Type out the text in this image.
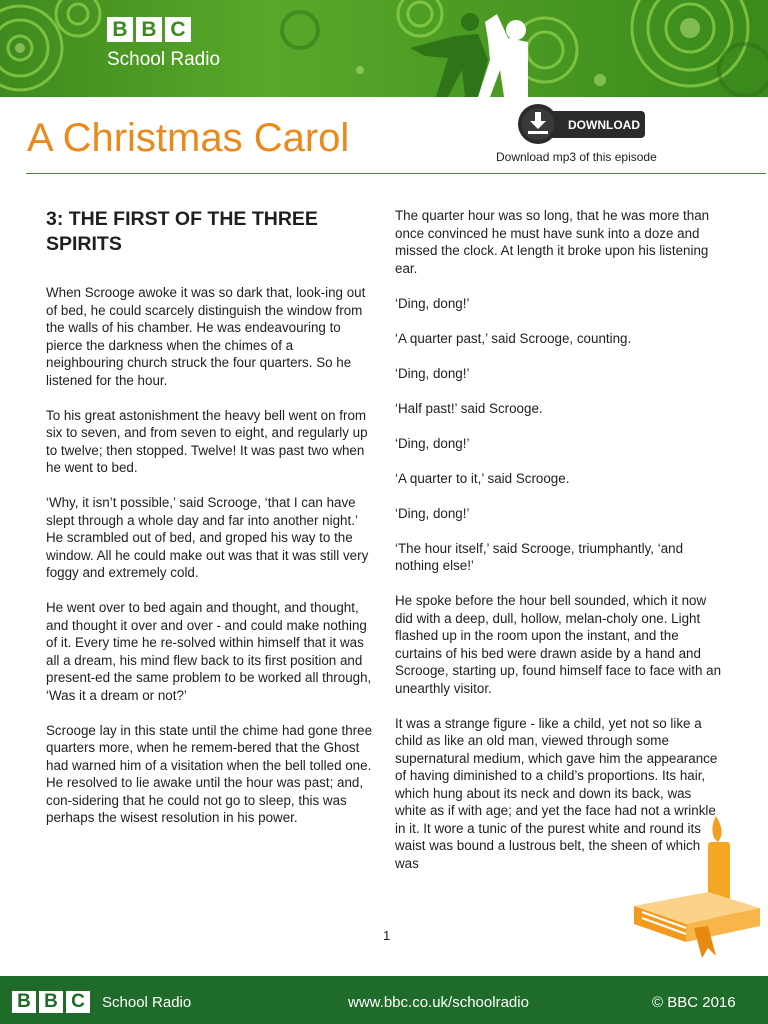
B B C
School Radio
A Christmas Carol	DOWNLOAD
Download mp3 of this episode
3: THE FIRST OF THE THREE SPIRITS

When Scrooge awoke it was so dark that, look-ing out of bed, he could scarcely distinguish the window from the walls of his chamber. He was endeavouring to pierce the darkness when the chimes of a neighbouring church struck the four quarters. So he listened for the hour.

To his great astonishment the heavy bell went on from six to seven, and from seven to eight, and regularly up to twelve; then stopped. Twelve! It was past two when he went to bed.

‘Why, it isn’t possible,’ said Scrooge, ‘that I can have slept through a whole day and far into another night.’ He scrambled out of bed, and groped his way to the window. All he could make out was that it was still very foggy and extremely cold.

He went over to bed again and thought, and thought, and thought it over and over - and could make nothing of it. Every time he re-solved within himself that it was all a dream, his mind flew back to its first position and present-ed the same problem to be worked all through, ‘Was it a dream or not?’

Scrooge lay in this state until the chime had gone three quarters more, when he remem-bered that the Ghost had warned him of a visitation when the bell tolled one. He resolved to lie awake until the hour was past; and, con-sidering that he could not go to sleep, this was perhaps the wisest resolution in his power.

The quarter hour was so long, that he was more than once convinced he must have sunk into a doze and missed the clock. At length it broke upon his listening ear.

‘Ding, dong!’

‘A quarter past,’ said Scrooge, counting.

‘Ding, dong!’

‘Half past!’ said Scrooge.

‘Ding, dong!’

‘A quarter to it,’ said Scrooge.

‘Ding, dong!’

‘The hour itself,’ said Scrooge, triumphantly, ‘and nothing else!’

He spoke before the hour bell sounded, which it now did with a deep, dull, hollow, melan-choly one. Light flashed up in the room upon the instant, and the curtains of his bed were drawn aside by a hand and Scrooge, starting up, found himself face to face with an unearthly visitor.

It was a strange figure - like a child, yet not so like a child as like an old man, viewed through some supernatural medium, which gave him the appearance of having diminished to a child’s proportions. Its hair, which hung about its neck and down its back, was white as if with age; and yet the face had not a wrinkle in it. It wore a tunic of the purest white and round its waist was bound a lustrous belt, the sheen of which was

1
B B C	School Radio	www.bbc.co.uk/schoolradio	© BBC 2016
